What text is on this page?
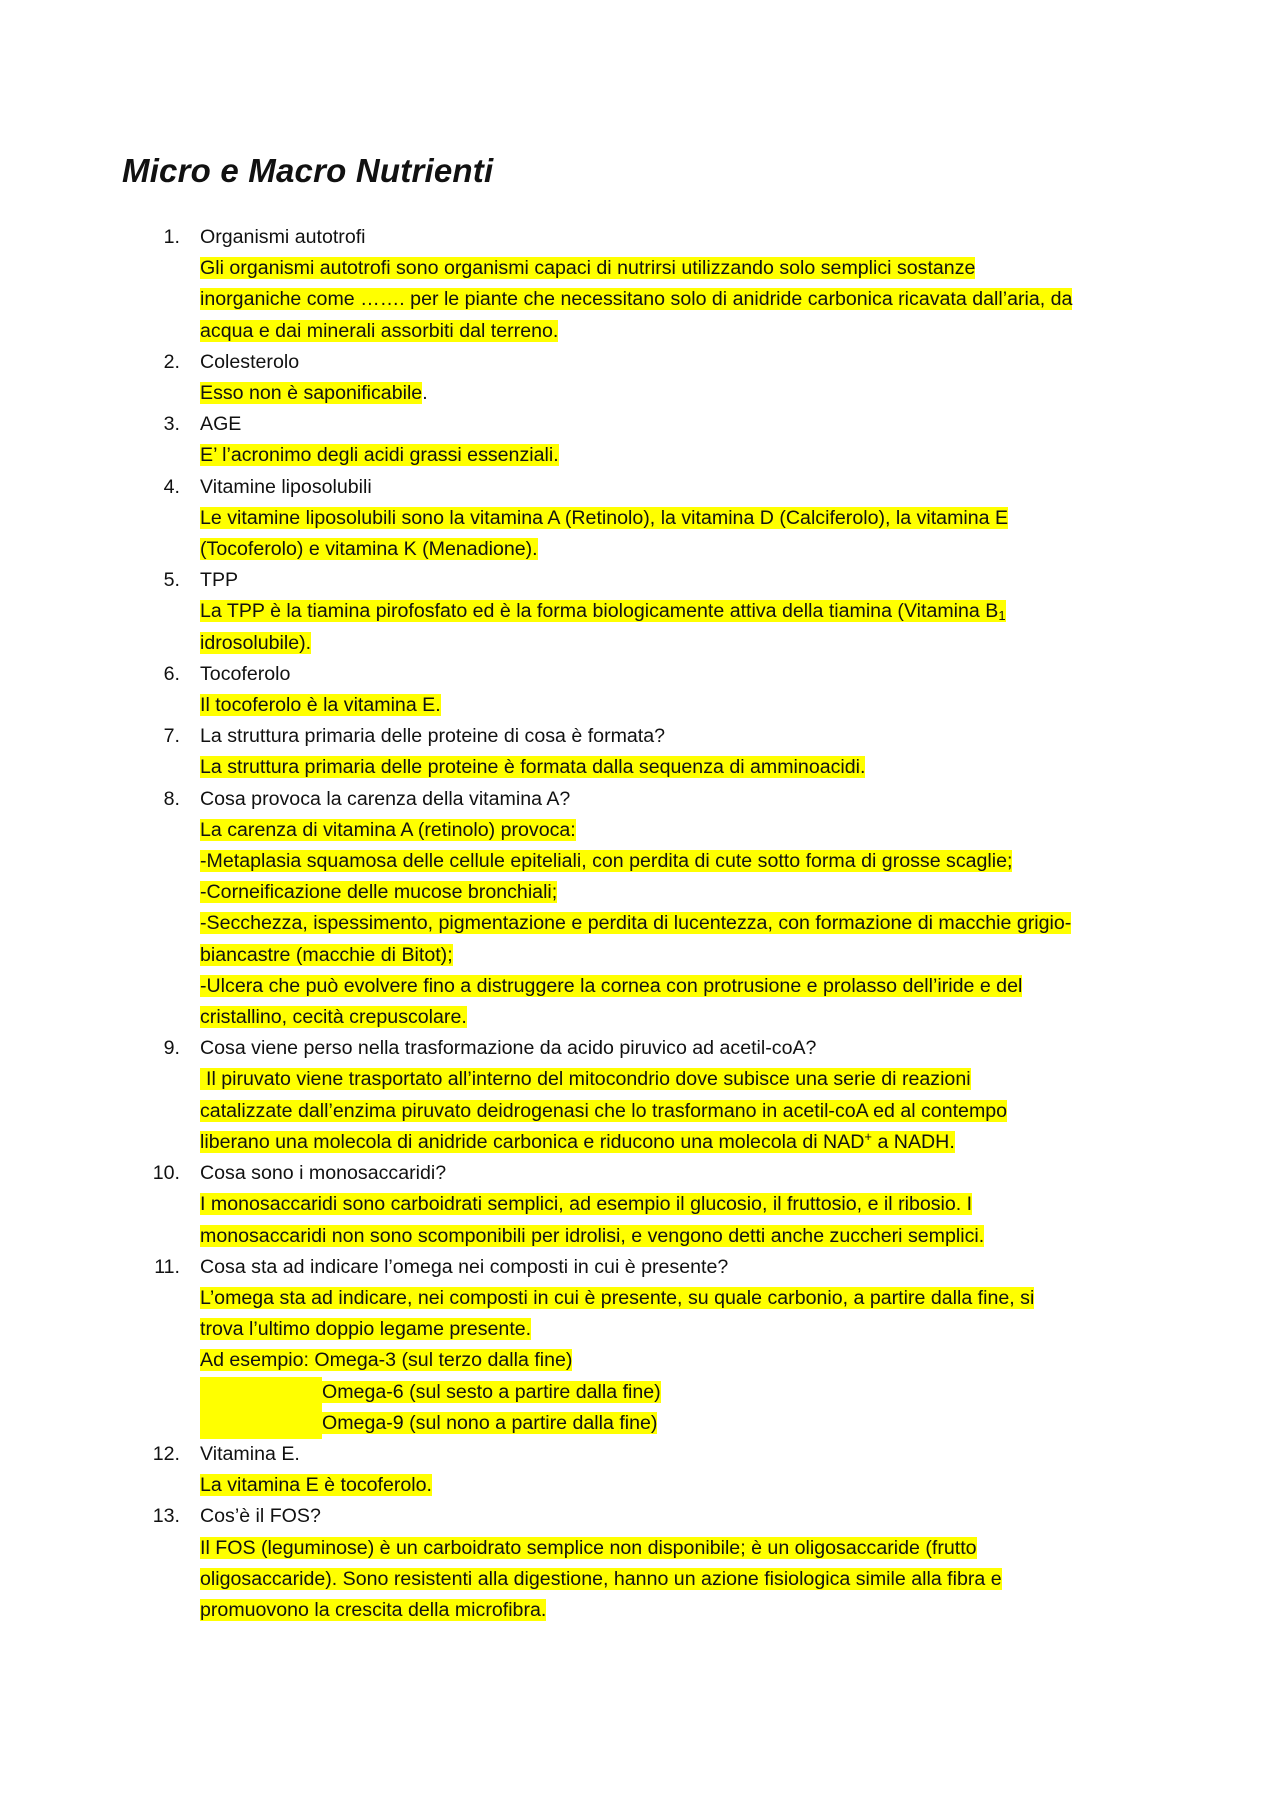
Micro e Macro Nutrienti
1. Organismi autotrofi
Gli organismi autotrofi sono organismi capaci di nutrirsi utilizzando solo semplici sostanze
inorganiche come ……. per le piante che necessitano solo di anidride carbonica ricavata dall’aria, da
acqua e dai minerali assorbiti dal terreno.
2. Colesterolo
Esso non è saponificabile.
3. AGE
E’ l’acronimo degli acidi grassi essenziali.
4. Vitamine liposolubili
Le vitamine liposolubili sono la vitamina A (Retinolo), la vitamina D (Calciferolo), la vitamina E
(Tocoferolo) e vitamina K (Menadione).
5. TPP
La TPP è la tiamina pirofosfato ed è la forma biologicamente attiva della tiamina (Vitamina $B_1$
idrosolubile).
6. Tocoferolo
Il tocoferolo è la vitamina E.
7. La struttura primaria delle proteine di cosa è formata?
La struttura primaria delle proteine è formata dalla sequenza di amminoacidi.
8. Cosa provoca la carenza della vitamina A?
La carenza di vitamina A (retinolo) provoca:
-Metaplasia squamosa delle cellule epiteliali, con perdita di cute sotto forma di grosse scaglie;
-Corneificazione delle mucose bronchiali;
-Secchezza, ispessimento, pigmentazione e perdita di lucentezza, con formazione di macchie grigio-
biancastre (macchie di Bitot);
-Ulcera che può evolvere fino a distruggere la cornea con protrusione e prolasso dell’iride e del
cristallino, cecità crepuscolare.
9. Cosa viene perso nella trasformazione da acido piruvico ad acetil-coA?
Il piruvato viene trasportato all’interno del mitocondrio dove subisce una serie di reazioni
catalizzate dall’enzima piruvato deidrogenasi che lo trasformano in acetil-coA ed al contempo
liberano una molecola di anidride carbonica e riducono una molecola di NAD+ a NADH.
10. Cosa sono i monosaccaridi?
I monosaccaridi sono carboidrati semplici, ad esempio il glucosio, il fruttosio, e il ribosio. I
monosaccaridi non sono scomponibili per idrolisi, e vengono detti anche zuccheri semplici.
11. Cosa sta ad indicare l’omega nei composti in cui è presente?
L’omega sta ad indicare, nei composti in cui è presente, su quale carbonio, a partire dalla fine, si
trova l’ultimo doppio legame presente.
Ad esempio: Omega-3 (sul terzo dalla fine)
Omega-6 (sul sesto a partire dalla fine)
Omega-9 (sul nono a partire dalla fine)
12. Vitamina E.
La vitamina E è tocoferolo.
13. Cos’è il FOS?
Il FOS (leguminose) è un carboidrato semplice non disponibile; è un oligosaccaride (frutto
oligosaccaride). Sono resistenti alla digestione, hanno un azione fisiologica simile alla fibra e
promuovono la crescita della microfibra.
